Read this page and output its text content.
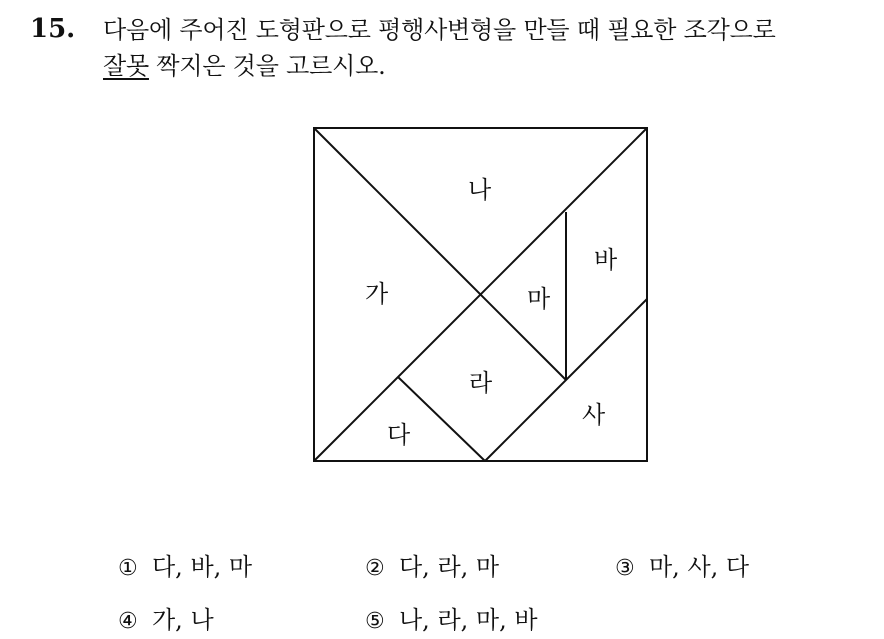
15. 다음에 주어진 도형판으로 평행사변형을 만들 때 필요한 조각으로
잘못 짝지은 것을 고르시오.
가
나
다
라
마
바
사
① 다, 바, 마	② 다, 라, 마	③ 마, 사, 다
④ 가, 나	⑤ 나, 라, 마, 바
